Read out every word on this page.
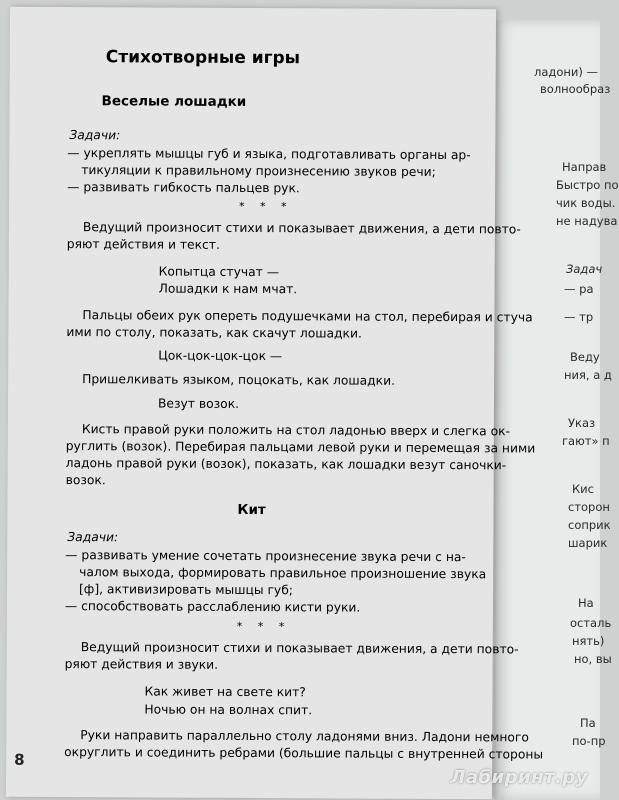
ладони) —
волнообраз
Направ
Быстро по
чик воды.
не надува
Задач
— ра
— тр
Веду
ния, а д
Указ
гают» п
Кис
сторон
соприк
шарик
На
осталь
нять)
но, вы
Па
по-пр
Стихотворные игры
Веселые лошадки
Задачи:
— укреплять мышцы губ и языка, подготавливать органы ар-
тикуляции к правильному произнесению звуков речи;
— развивать гибкость пальцев рук.
* * *
Ведущий произносит стихи и показывает движения, а дети повто-
ряют действия и текст.
Копытца стучат —
Лошадки к нам мчат.
Пальцы обеих рук опереть подушечками на стол, перебирая и стуча
ими по столу, показать, как скачут лошадки.
Цок-цок-цок-цок —
Пришелкивать языком, поцокать, как лошадки.
Везут возок.
Кисть правой руки положить на стол ладонью вверх и слегка ок-
руглить (возок). Перебирая пальцами левой руки и перемещая за ними
ладонь правой руки (возок), показать, как лошадки везут саночки-
возок.
Кит
Задачи:
— развивать умение сочетать произнесение звука речи с на-
чалом выхода, формировать правильное произношение звука
[ф], активизировать мышцы губ;
— способствовать расслаблению кисти руки.
* * *
Ведущий произносит стихи и показывает движения, а дети повто-
ряют действия и звуки.
Как живет на свете кит?
Ночью он на волнах спит.
Руки направить параллельно столу ладонями вниз. Ладони немного
округлить и соединить ребрами (большие пальцы с внутренней стороны
8
Лабиринт.ру
